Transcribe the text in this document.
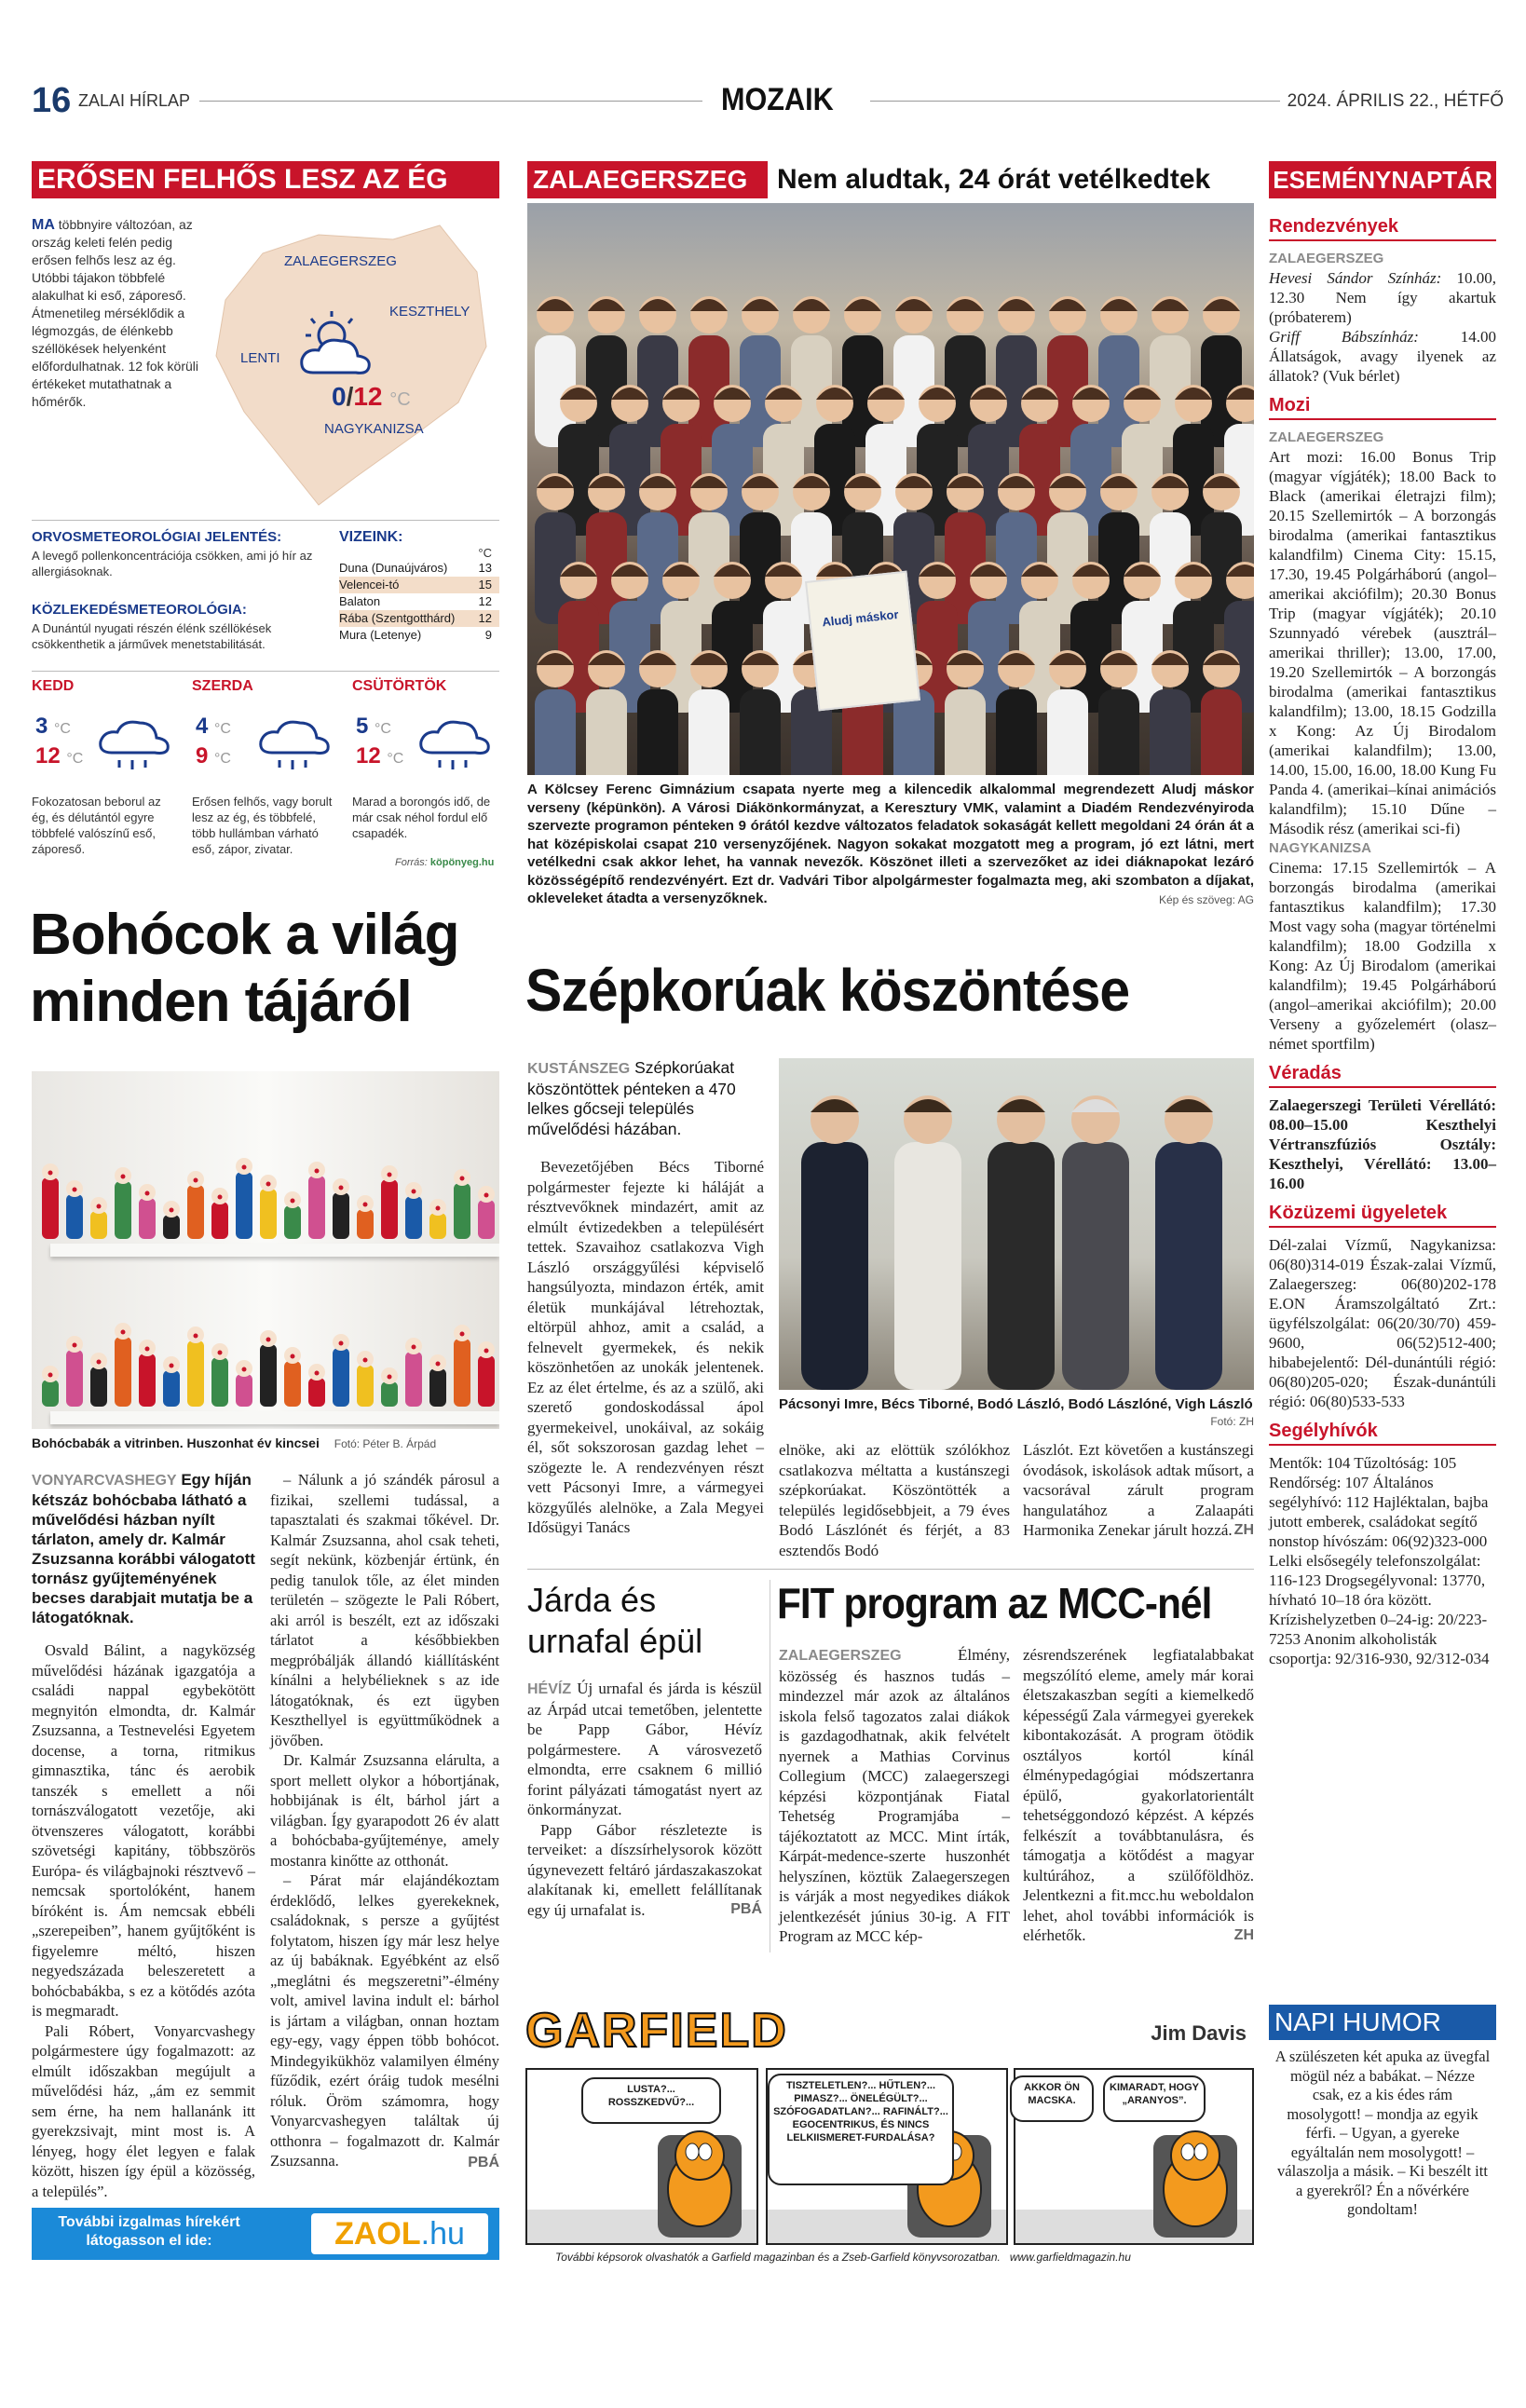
16 ZALAI HÍRLAP	MOZAIK	2024. ÁPRILIS 22., HÉTFŐ
ERŐSEN FELHŐS LESZ AZ ÉG
MA többnyire változóan, az ország keleti felén pedig erősen felhős lesz az ég. Utóbbi tájakon többfelé alakulhat ki eső, záporeső. Átmenetileg mérséklődik a légmozgás, de élénkebb széllökések helyenként előfordulhatnak. 12 fok körüli értékeket mutathatnak a hőmérők.
ZALAEGERSZEG
KESZTHELY
LENTI
NAGYKANIZSA
0/12 °C
ORVOSMETEOROLÓGIAI JELENTÉS:
A levegő pollenkoncentrációja csökken, ami jó hír az allergiásoknak.
KÖZLEKEDÉSMETEOROLÓGIA:
A Dunántúl nyugati részén élénk széllökések csökkenthetik a járművek menetstabilitását.
VIZEINK:
°C
Duna (Dunaújváros)	13
Velencei-tó	15
Balaton	12
Rába (Szentgotthárd) 12
Mura (Letenye)	9
KEDD
3 °C
12 °C
Fokozatosan beborul az ég, és délutántól egyre többfelé valószínű eső, záporeső.
SZERDA
4 °C
9 °C
Erősen felhős, vagy borult lesz az ég, és többfelé, több hullámban várható eső, zápor, zivatar.
CSÜTÖRTÖK
5 °C
12 °C
Marad a borongós idő, de már csak néhol fordul elő csapadék.
Forrás: köpönyeg.hu
Bohócok a világ
minden tájáról
Bohócbabák a vitrinben. Huszonhat év kincsei Fotó: Péter B. Árpád
VONYARCVASHEGY Egy híján kétszáz bohócbaba látható a művelődési házban nyílt tárlaton, amely dr. Kalmár Zsuzsanna korábbi válogatott tornász gyűjteményének becses darabjait mutatja be a látogatóknak.

Osvald Bálint, a nagyközség művelődési házának igazgatója a családi nappal egybekötött megnyitón elmondta, dr. Kalmár Zsuzsanna, a Testnevelési Egyetem docense, a torna, ritmikus gimnasztika, tánc és aerobik tanszék s emellett a női tornászválogatott vezetője, aki ötvenszeres válogatott, korábbi szövetségi kapitány, többszörös Európa- és világbajnoki résztvevő – nemcsak sportolóként, hanem bíróként is. Ám nemcsak ebbéli „szerepeiben”, hanem gyűjtőként is figyelemre méltó, hiszen negyedszázada beleszeretett a bohócbabákba, s ez a kötődés azóta is megmaradt.

Pali Róbert, Vonyarcvashegy polgármestere úgy fogalmazott: az elmúlt időszakban megújult a művelődési ház, „ám ez semmit sem érne, ha nem hallanánk itt gyerekzsivajt, mint most is. A lényeg, hogy élet legyen e falak között, hiszen így épül a közösség, a település”.

– Nálunk a jó szándék párosul a fizikai, szellemi tudással, a tapasztalati és szakmai tőkével. Dr. Kalmár Zsuzsanna, ahol csak teheti, segít nekünk, közbenjár értünk, én pedig tanulok tőle, az élet minden területén – szögezte le Pali Róbert, aki arról is beszélt, ezt az időszaki tárlatot a későbbiekben megpróbálják állandó kiállításként kínálni a helybélieknek s az ide látogatóknak, és ezt ügyben Keszthellyel is együttműködnek a jövőben.

Dr. Kalmár Zsuzsanna elárulta, a sport mellett olykor a hóbortjának, hobbijának is élt, bárhol járt a világban. Így gyarapodott 26 év alatt a bohócbaba-gyűjteménye, amely mostanra kinőtte az otthonát.

– Párat már elajándékoztam érdeklődő, lelkes gyerekeknek, családoknak, s persze a gyűjtést folytatom, hiszen így már lesz helye az új babáknak. Egyébként az első „meglátni és megszeretni”-élmény volt, amivel lavina indult el: bárhol is jártam a világban, onnan hoztam egy-egy, vagy éppen több bohócot. Mindegyikükhöz valamilyen élmény fűződik, ezért óráig tudok mesélni róluk. Öröm számomra, hogy Vonyarcvashegyen találtak új otthonra – fogalmazott dr. Kalmár Zsuzsanna.	PBÁ
További izgalmas hírekért
látogasson el ide:	ZAOL.hu
ZALAEGERSZEG	Nem aludtak, 24 órát vetélkedtek
Aludj máskor
A Kölcsey Ferenc Gimnázium csapata nyerte meg a kilencedik alkalommal megrendezett Aludj máskor verseny (képünkön). A Városi Diákönkormányzat, a Keresztury VMK, valamint a Diadém Rendezvényiroda szervezte programon pénteken 9 órától kezdve változatos feladatok sokaságát kellett megoldani 24 órán át a hat középiskolai csapat 210 versenyzőjének. Nagyon sokakat mozgatott meg a program, jó ezt látni, mert vetélkedni csak akkor lehet, ha vannak nevezők. Köszönet illeti a szervezőket az idei diáknapokat lezáró közösségépítő rendezvényért. Ezt dr. Vadvári Tibor alpolgármester fogalmazta meg, aki szombaton a díjakat, okleveleket átadta a versenyzőknek.	Kép és szöveg: AG
Szépkorúak köszöntése
KUSTÁNSZEG Szépkorúakat köszöntöttek pénteken a 470 lelkes gőcseji település művelődési házában.

Bevezetőjében Bécs Tiborné polgármester fejezte ki háláját a résztvevőknek mindazért, amit az elmúlt évtizedekben a településért tettek. Szavaihoz csatlakozva Vigh László országgyűlési képviselő hangsúlyozta, mindazon érték, amit életük munkájával létrehoztak, eltörpül ahhoz, amit a család, a felnevelt gyermekek, és nekik köszönhetően az unokák jelentenek. Ez az élet értelme, és az a szülő, aki szerető gondoskodással ápol gyermekeivel, unokáival, az sokáig él, sőt sokszorosan gazdag lehet – szögezte le. A rendezvényen részt vett Pácsonyi Imre, a vármegyei közgyűlés alelnöke, a Zala Megyei Idősügyi Tanács

Pácsonyi Imre, Bécs Tiborné, Bodó László, Bodó Lászlóné, Vigh László
Fotó: ZH

elnöke, aki az elöttük szólókhoz csatlakozva méltatta a kustánszegi szépkorúakat. Köszöntötték a település legidősebbjeit, a 79 éves Bodó Lászlónét és férjét, a 83 esztendős Bodó

Lászlót. Ezt követően a kustánszegi óvodások, iskolások adtak műsort, a vacsorával zárult program hangulatához a Zalaapáti Harmonika Zenekar járult hozzá. ZH
Járda és
urnafal épül

HÉVÍZ Új urnafal és járda is készül az Árpád utcai temetőben, jelentette be Papp Gábor, Hévíz polgármestere. A városvezető elmondta, erre csaknem 6 millió forint pályázati támogatást nyert az önkormányzat.

Papp Gábor részletezte is terveiket: a díszsírhelysorok között úgynevezett feltáró járdaszakaszokat alakítanak ki, emellett felállítanak egy új urnafalat is.	PBÁ
FIT program az MCC-nél

ZALAEGERSZEG	Élmény, közösség és hasznos tudás – mindezzel már azok az általános iskola felső tagozatos zalai diákok is gazdagodhatnak, akik felvételt nyernek a Mathias Corvinus Collegium (MCC) zalaegerszegi képzési központjának Fiatal Tehetség Programjába – tájékoztatott az MCC. Mint írták, Kárpát-medence-szerte huszonhét helyszínen, köztük Zalaegerszegen is várják a most negyedikes diákok jelentkezését június 30-ig. A FIT Program az MCC kép-

zésrendszerének legfiatalabbakat megszólító eleme, amely már korai életszakaszban segíti a kiemelkedő képességű Zala vármegyei gyerekek kibontakozását. A program ötödik osztályos kortól kínál élménypedagógiai módszertanra épülő, gyakorlatorientált tehetséggondozó képzést. A képzés felkészít a továbbtanulásra, és támogatja a kötődést a magyar kultúrához, a szülőföldhöz. Jelentkezni a fit.mcc.hu weboldalon lehet, ahol további információk is elérhetők.	ZH
GARFIELD	Jim Davis
LUSTA?... ROSSZKEDVŰ?...
TISZTELETLEN?... HŰTLEN?... PIMASZ?... ÖNELÉGÜLT?... SZÓFOGADATLAN?... RAFINÁLT?... EGOCENTRIKUS, ÉS NINCS LELKIISMERET-FURDALÁSA?
AKKOR ÖN MACSKA.
KIMARADT, HOGY „ARANYOS”.
További képsorok olvashatók a Garfield magazinban és a Zseb-Garfield könyvsorozatban.   www.garfieldmagazin.hu
ESEMÉNYNAPTÁR
Rendezvények
ZALAEGERSZEG
Hevesi Sándor Színház: 10.00, 12.30 Nem így akartuk (próbaterem)
Griff Bábszínház:	14.00 Állatságok, avagy ilyenek az állatok? (Vuk bérlet)
Mozi
ZALAEGERSZEG
Art mozi: 16.00 Bonus Trip (magyar vígjáték); 18.00 Back to Black (amerikai életrajzi film); 20.15 Szellemirtók – A borzongás birodalma (amerikai fantasztikus kalandfilm) Cinema City: 15.15, 17.30, 19.45 Polgárháború (angol–amerikai akciófilm); 20.30 Bonus Trip (magyar vígjáték); 20.10 Szunnyadó vérebek (ausztrál–amerikai thriller); 13.00, 17.00, 19.20 Szellemirtók – A borzongás birodalma (amerikai fantasztikus kalandfilm); 13.00, 18.15 Godzilla x Kong: Az Új Birodalom (amerikai kalandfilm); 13.00, 14.00, 15.00, 16.00, 18.00 Kung Fu Panda 4. (amerikai–kínai animációs kalandfilm); 15.10 Dűne – Második rész (amerikai sci-fi)
NAGYKANIZSA
Cinema: 17.15 Szellemirtók – A borzongás birodalma (amerikai fantasztikus kalandfilm); 17.30 Most vagy soha (magyar történelmi kalandfilm); 18.00 Godzilla x Kong: Az Új Birodalom (amerikai kalandfilm); 19.45 Polgárháború (angol–amerikai akciófilm); 20.00 Verseny a győzelemért (olasz–német sportfilm)
Véradás
Zalaegerszegi Területi Vérellátó: 08.00–15.00 Keszthelyi Vértranszfúziós Osztály: Keszthelyi, Vérellátó: 13.00–16.00
Közüzemi ügyeletek
Dél-zalai Vízmű, Nagykanizsa: 06(80)314-019 Észak-zalai Vízmű, Zalaegerszeg: 06(80)202-178 E.ON Áramszolgáltató Zrt.: ügyfélszolgálat: 06(20/30/70) 459-9600, 06(52)512-400; hibabejelentő: Dél-dunántúli régió: 06(80)205-020; Észak-dunántúli régió: 06(80)533-533
Segélyhívók
Mentők: 104 Tűzoltóság: 105 Rendőrség: 107 Általános segélyhívó: 112 Hajléktalan, bajba jutott emberek, családokat segítő nonstop hívószám: 06(92)323-000 Lelki elsősegély telefonszolgálat: 116-123 Drogsegélyvonal: 13770, hívható 10–18 óra között. Krízishelyzetben 0–24-ig: 20/223-7253 Anonim alkoholisták csoportja: 92/316-930, 92/312-034
NAPI HUMOR
A szülészeten két apuka az üvegfal mögül néz a babákat. – Nézze csak, ez a kis édes rám mosolygott! – mondja az egyik férfi. – Ugyan, a gyereke egyáltalán nem mosolygott! – válaszolja a másik. – Ki beszélt itt a gyerekről? Én a nővérkére gondoltam!
